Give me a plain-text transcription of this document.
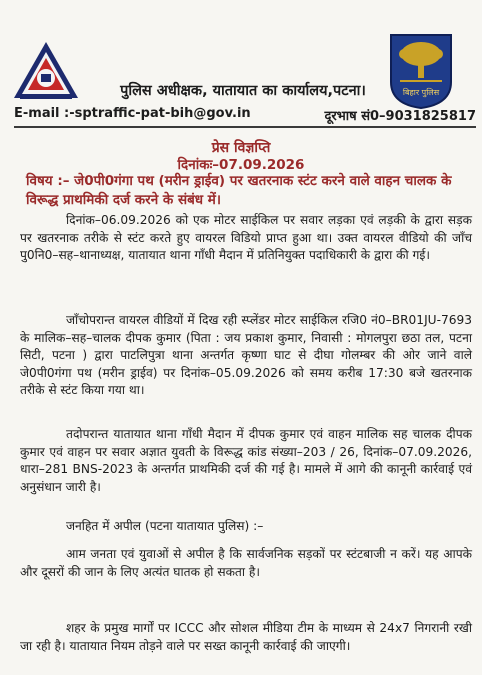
बिहार पुलिस
पुलिस अधीक्षक, यातायात का कार्यालय,पटना।
E-mail :-sptraffic-pat-bih@gov.in	दूरभाष सं0–9031825817
प्रेस विज्ञप्ति
दिनांकः–07.09.2026
विषय :– जे0पी0गंगा पथ (मरीन ड्राईव) पर खतरनाक स्टंट करने वाले वाहन चालक के विरूद्ध प्राथमिकी दर्ज करने के संबंध में।
दिनांक–06.09.2026 को एक मोटर साईकिल पर सवार लड़का एवं लड़की के द्वारा सड़क पर खतरनाक तरीके से स्टंट करते हुए वायरल विडियो प्राप्त हुआ था। उक्त वायरल वीडियो की जाँच पु0नि0–सह–थानाध्यक्ष, यातायात थाना गाँधी मैदान में प्रतिनियुक्त पदाधिकारी के द्वारा की गई।
जाँचोपरान्त वायरल वीडियों में दिख रही स्प्लेंडर मोटर साईकिल रजि0 नं0–BR01JU-7693 के मालिक–सह–चालक दीपक कुमार (पिता : जय प्रकाश कुमार, निवासी : मोगलपुरा छठा तल, पटना सिटी, पटना ) द्वारा पाटलिपुत्रा थाना अन्तर्गत कृष्णा घाट से दीघा गोलम्बर की ओर जाने वाले जे0पी0गंगा पथ (मरीन ड्राईव) पर दिनांक–05.09.2026 को समय करीब 17:30 बजे खतरनाक तरीके से स्टंट किया गया था।
तदोपरान्त यातायात थाना गाँधी मैदान में दीपक कुमार एवं वाहन मालिक सह चालक दीपक कुमार एवं वाहन पर सवार अज्ञात युवती के विरूद्ध कांड संख्या–203 / 26, दिनांक–07.09.2026, धारा–281 BNS-2023 के अन्तर्गत प्राथमिकी दर्ज की गई है। मामले में आगे की कानूनी कार्रवाई एवं अनुसंधान जारी है।
जनहित में अपील (पटना यातायात पुलिस) :–
आम जनता एवं युवाओं से अपील है कि सार्वजनिक सड़कों पर स्टंटबाजी न करें। यह आपके और दूसरों की जान के लिए अत्यंत घातक हो सकता है।
शहर के प्रमुख मार्गों पर ICCC और सोशल मीडिया टीम के माध्यम से 24x7 निगरानी रखी जा रही है। यातायात नियम तोड़ने वाले पर सख्त कानूनी कार्रवाई की जाएगी।
